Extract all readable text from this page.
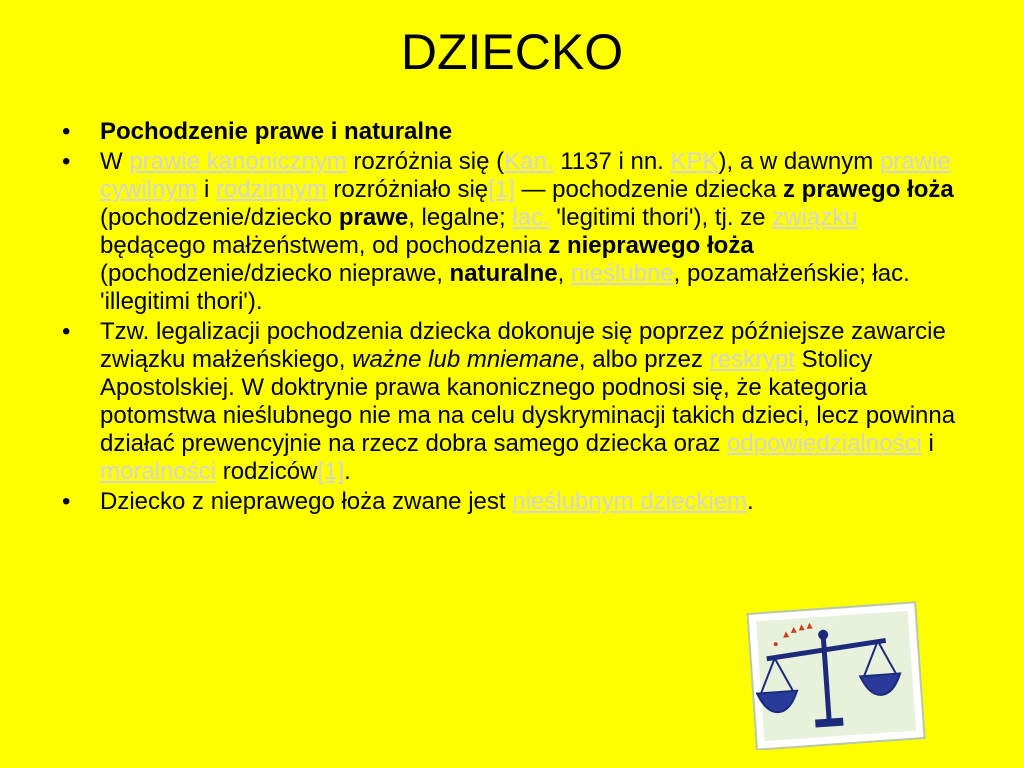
DZIECKO
• Pochodzenie prawe i naturalne
• W prawie kanonicznym rozróżnia się (Kan. 1137 i nn. KPK), a w dawnym prawie cywilnym i rodzinnym rozróżniało się[1] — pochodzenie dziecka z prawego łoża (pochodzenie/dziecko prawe, legalne; łac. 'legitimi thori'), tj. ze związku będącego małżeństwem, od pochodzenia z nieprawego łoża (pochodzenie/dziecko nieprawe, naturalne, nieślubne, pozamałżeńskie; łac. 'illegitimi thori').
• Tzw. legalizacji pochodzenia dziecka dokonuje się poprzez późniejsze zawarcie związku małżeńskiego, ważne lub mniemane, albo przez reskrypt Stolicy Apostolskiej. W doktrynie prawa kanonicznego podnosi się, że kategoria potomstwa nieślubnego nie ma na celu dyskryminacji takich dzieci, lecz powinna działać prewencyjnie na rzecz dobra samego dziecka oraz odpowiedzialności i moralności rodziców[1].
• Dziecko z nieprawego łoża zwane jest nieślubnym dzieckiem.
